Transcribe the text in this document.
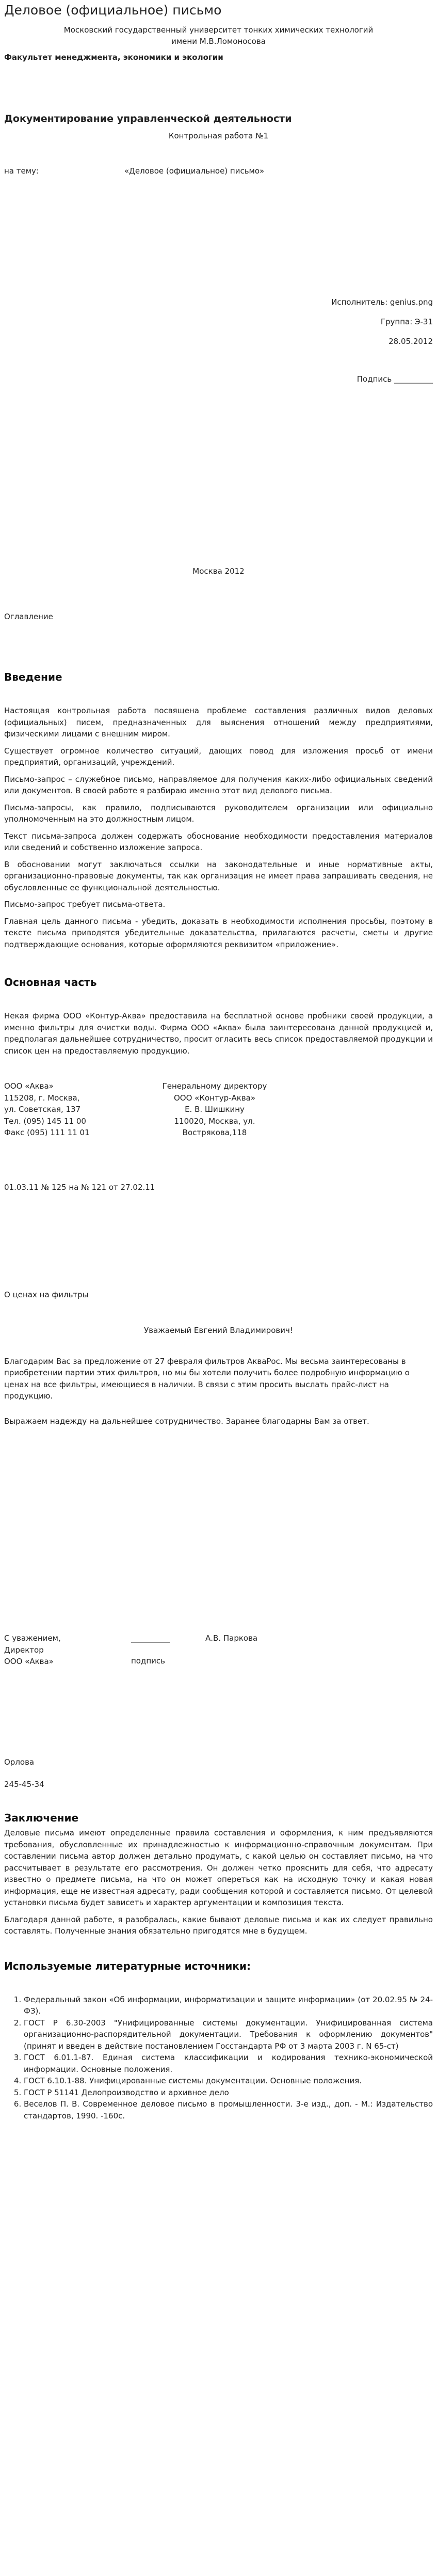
Деловое (официальное) письмо
Московский государственный университет тонких химических технологий
имени М.В.Ломоносова
Факультет менеджмента, экономики и экологии
Документирование управленческой деятельности
Контрольная работа №1
на тему:	«Деловое (официальное) письмо»
Исполнитель: genius.png
Группа: Э-31
28.05.2012
Подпись __________
Москва 2012
Оглавление
Введение

Настоящая контрольная работа посвящена проблеме составления различных видов деловых (официальных) писем, предназначенных для выяснения отношений между предприятиями, физическими лицами с внешним миром.

Существует огромное количество ситуаций, дающих повод для изложения просьб от имени предприятий, организаций, учреждений.

Письмо-запрос – служебное письмо, направляемое для получения каких-либо официальных сведений или документов. В своей работе я разбираю именно этот вид делового письма.

Письма-запросы, как правило, подписываются руководителем организации или официально уполномоченным на это должностным лицом.

Текст письма-запроса должен содержать обоснование необходимости предоставления материалов или сведений и собственно изложение запроса.

В обосновании могут заключаться ссылки на законодательные и иные нормативные акты, организационно-правовые документы, так как организация не имеет права запрашивать сведения, не обусловленные ее функциональной деятельностью.

Письмо-запрос требует письма-ответа.

Главная цель данного письма - убедить, доказать в необходимости исполнения просьбы, поэтому в тексте письма приводятся убедительные доказательства, прилагаются расчеты, сметы и другие подтверждающие основания, которые оформляются реквизитом «приложение».

Основная часть

Некая фирма ООО «Контур-Аква» предоставила на бесплатной основе пробники своей продукции, а именно фильтры для очистки воды. Фирма ООО «Аква» была заинтересована данной продукцией и, предполагая дальнейшее сотрудничество, просит огласить весь список предоставляемой продукции и список цен на предоставляемую продукцию.

ООО «Аква»
115208, г. Москва,
ул. Советская, 137
Тел. (095) 145 11 00
Факс (095) 111 11 01
Генеральному директору
ООО «Контур-Аква»
Е. В. Шишкину
110020, Москва, ул.
Вострякова,118
01.03.11 № 125 на № 121 от 27.02.11
О ценах на фильтры
Уважаемый Евгений Владимирович!

Благодарим Вас за предложение от 27 февраля фильтров АкваРос. Мы весьма заинтересованы в приобретении партии этих фильтров, но мы бы хотели получить более подробную информацию о ценах на все фильтры, имеющиеся в наличии. В связи с этим просить выслать прайс-лист на продукцию.

Выражаем надежду на дальнейшее сотрудничество. Заранее благодарны Вам за ответ.

С уважением,
Директор
ООО «Аква»
__________	А.В. Паркова
подпись
Орлова
245-45-34
Заключение

Деловые письма имеют определенные правила составления и оформления, к ним предъявляются требования, обусловленные их принадлежностью к информационно-справочным документам. При составлении письма автор должен детально продумать, с какой целью он составляет письмо, на что рассчитывает в результате его рассмотрения. Он должен четко прояснить для себя, что адресату известно о предмете письма, на что он может опереться как на исходную точку и какая новая информация, еще не известная адресату, ради сообщения которой и составляется письмо. От целевой установки письма будет зависеть и характер аргументации и композиция текста.

Благодаря данной работе, я разобралась, какие бывают деловые письма и как их следует правильно составлять. Полученные знания обязательно пригодятся мне в будущем.

Используемые литературные источники:
1. Федеральный закон «Об информации, информатизации и защите информации» (от 20.02.95 № 24-ФЗ).
2. ГОСТ Р 6.30-2003 "Унифицированные системы документации. Унифицированная система организационно-распорядительной документации. Требования к оформлению документов" (принят и введен в действие постановлением Госстандарта РФ от 3 марта 2003 г. N 65-ст)
3. ГОСТ 6.01.1-87. Единая система классификации и кодирования технико-экономической информации. Основные положения.
4. ГОСТ 6.10.1-88. Унифицированные системы документации. Основные положения.
5. ГОСТ Р 51141 Делопроизводство и архивное дело
6. Веселов П. В. Современное деловое письмо в промышленности. 3-е изд., доп. - М.: Издательство стандартов, 1990. -160с.
